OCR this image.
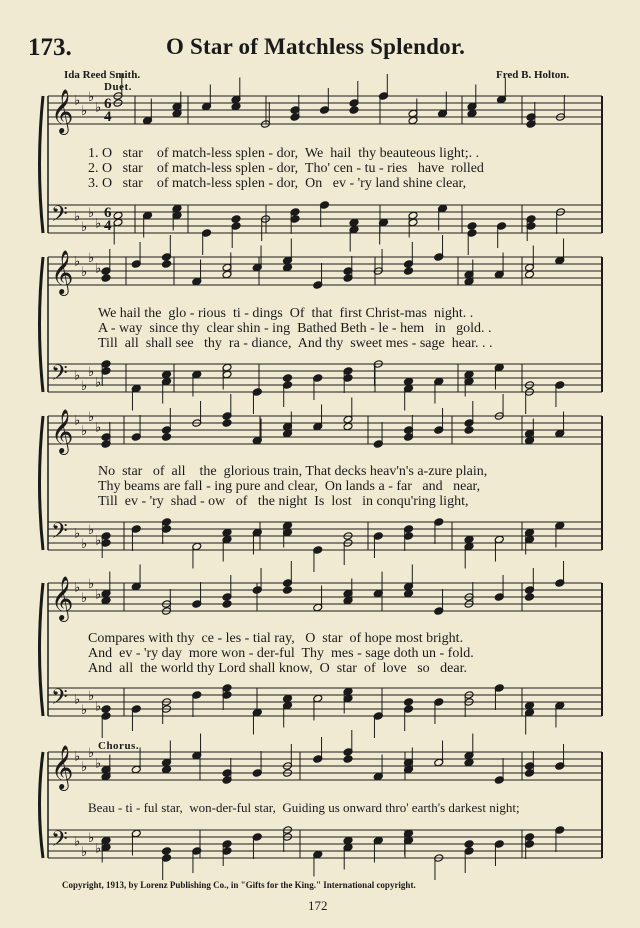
173.	O Star of Matchless Splendor.
Ida Reed Smith.	Fred B. Holton.
𝄞 ♭
♭
♭
♭ 6
4
𝄢 ♭
♭
♭
♭
6
4
𝄞 ♭
♭
♭
♭
𝄢 ♭
♭
♭
♭
𝄞 ♭
♭
♭
♭
𝄢 ♭
♭
♭
♭
𝄞 ♭
♭
♭
♭
𝄢 ♭
♭
♭
♭
𝄞 ♭
♭
♭
♭
𝄢 ♭
♭
♭
♭
Duet.
Chorus.
1. O   star    of match-less splen - dor,  We  hail  thy beauteous light;. .
2. O   star    of match-less splen - dor,  Tho' cen - tu - ries   have  rolled
3. O   star    of match-less splen - dor,  On   ev - 'ry land shine clear,
We hail the  glo - rious  ti - dings  Of  that  first Christ-mas  night. .
A - way  since thy  clear shin - ing  Bathed Beth - le - hem   in   gold. .
Till  all  shall see   thy  ra - diance,  And thy  sweet mes - sage  hear. . .
No  star   of  all    the  glorious train, That decks heav'n's a-zure plain,
Thy beams are fall - ing pure and clear,  On lands a - far   and   near,
Till  ev - 'ry  shad - ow   of   the night  Is  lost   in conqu'ring light,
Compares with thy  ce - les - tial ray,   O  star  of hope most bright.
And  ev - 'ry day  more won - der-ful  Thy  mes - sage doth un - fold.
And  all  the world thy Lord shall know,  O  star  of  love   so   dear.
Beau - ti - ful star,  won-der-ful star,  Guiding us onward thro' earth's darkest night;
Copyright, 1913, by Lorenz Publishing Co., in "Gifts for the King." International copyright.
172
